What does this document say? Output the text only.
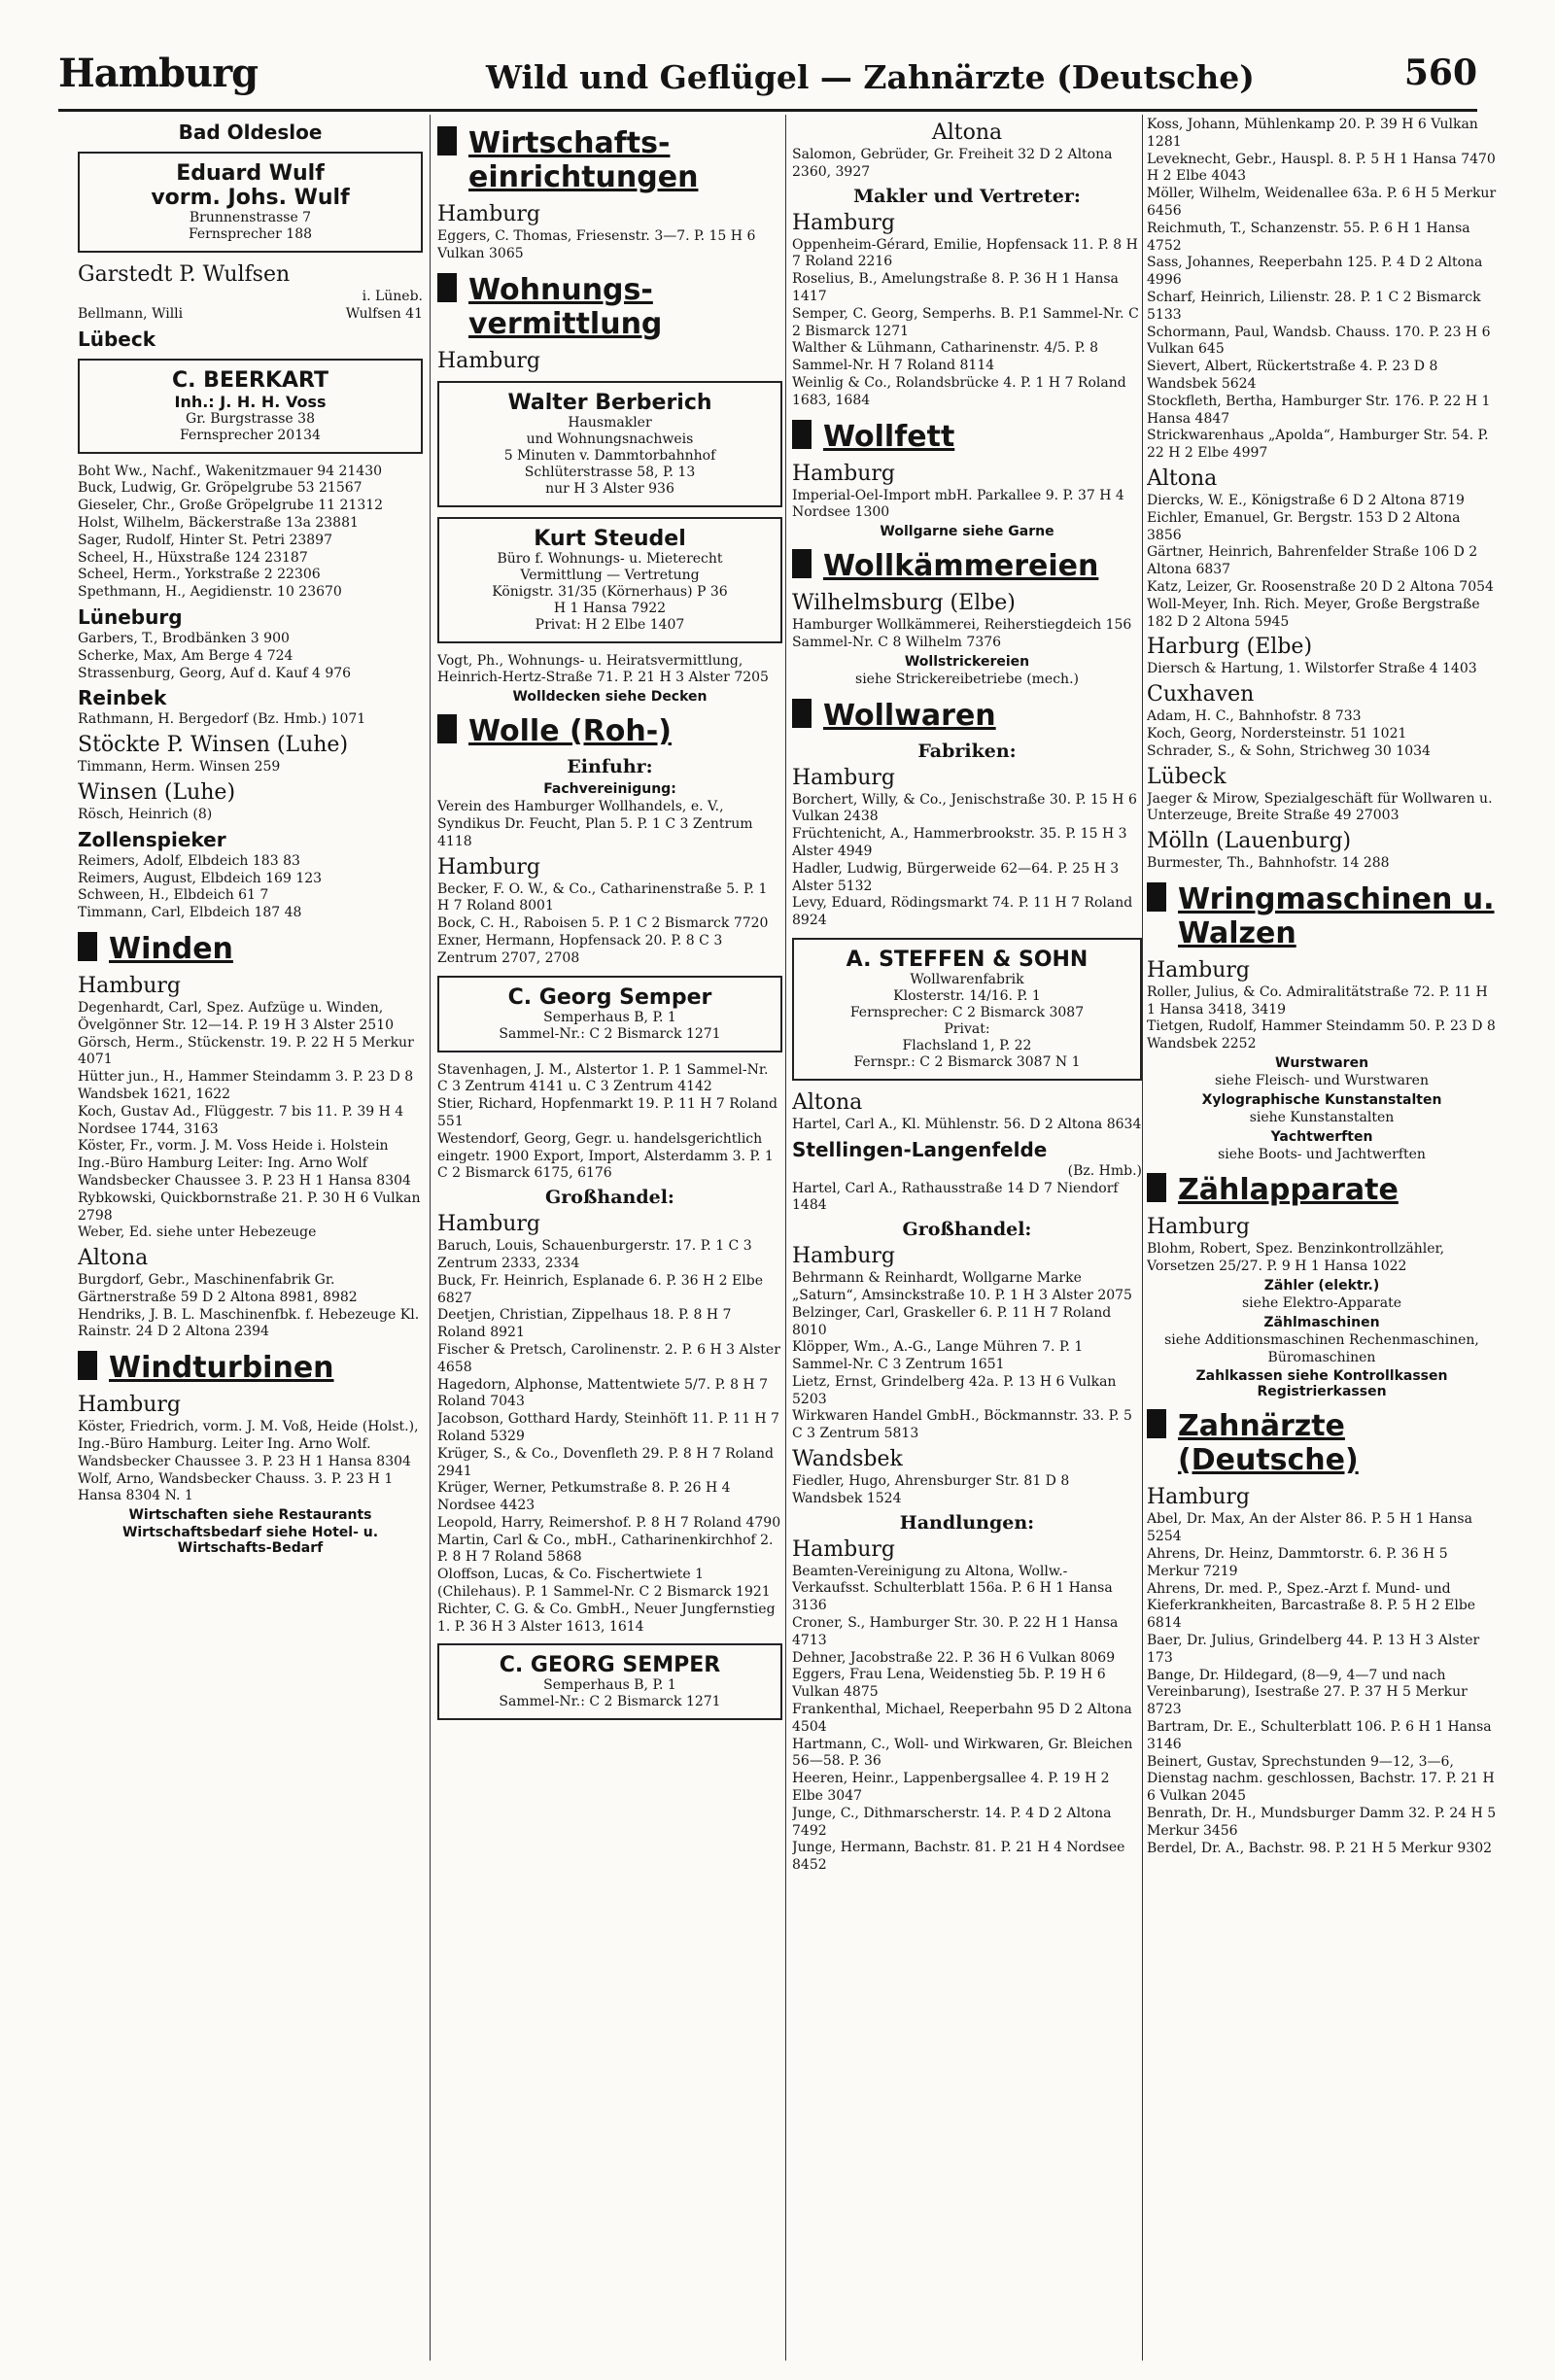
Hamburg	Wild und Geflügel — Zahnärzte (Deutsche)	560
Bad Oldesloe
Eduard Wulf
vorm. Johs. Wulf
Brunnenstrasse 7
Fernsprecher 188
Garstedt P. Wulfsen
i. Lüneb.
Bellmann, Willi	Wulfsen 41
Lübeck
C. BEERKART
Inh.: J. H. H. Voss
Gr. Burgstrasse 38
Fernsprecher 20134
Boht Ww., Nachf., Wakenitzmauer 94 21430
Buck, Ludwig, Gr. Gröpelgrube 53 21567
Gieseler, Chr., Große Gröpelgrube 11 21312
Holst, Wilhelm, Bäckerstraße 13a 23881
Sager, Rudolf, Hinter St. Petri 23897
Scheel, H., Hüxstraße 124 23187
Scheel, Herm., Yorkstraße 2 22306
Spethmann, H., Aegidienstr. 10 23670
Lüneburg
Garbers, T., Brodbänken 3 900
Scherke, Max, Am Berge 4 724
Strassenburg, Georg, Auf d. Kauf 4 976
Reinbek
Rathmann, H. Bergedorf (Bz. Hmb.) 1071
Stöckte P. Winsen (Luhe)
Timmann, Herm. Winsen 259
Winsen (Luhe)
Rösch, Heinrich (8)
Zollenspieker
Reimers, Adolf, Elbdeich 183 83
Reimers, August, Elbdeich 169 123
Schween, H., Elbdeich 61 7
Timmann, Carl, Elbdeich 187 48
Winden
Hamburg
Degenhardt, Carl, Spez. Aufzüge u. Winden, Övelgönner Str. 12—14. P. 19 H 3 Alster 2510
Görsch, Herm., Stückenstr. 19. P. 22 H 5 Merkur 4071
Hütter jun., H., Hammer Steindamm 3. P. 23 D 8 Wandsbek 1621, 1622
Koch, Gustav Ad., Flüggestr. 7 bis 11. P. 39 H 4 Nordsee 1744, 3163
Köster, Fr., vorm. J. M. Voss Heide i. Holstein Ing.-Büro Hamburg Leiter: Ing. Arno Wolf Wandsbecker Chaussee 3. P. 23 H 1 Hansa 8304
Rybkowski, Quickbornstraße 21. P. 30 H 6 Vulkan 2798
Weber, Ed. siehe unter Hebezeuge
Altona
Burgdorf, Gebr., Maschinenfabrik Gr. Gärtnerstraße 59 D 2 Altona 8981, 8982
Hendriks, J. B. L. Maschinenfbk. f. Hebezeuge Kl. Rainstr. 24 D 2 Altona 2394
Windturbinen
Hamburg
Köster, Friedrich, vorm. J. M. Voß, Heide (Holst.), Ing.-Büro Hamburg. Leiter Ing. Arno Wolf. Wandsbecker Chaussee 3. P. 23 H 1 Hansa 8304
Wolf, Arno, Wandsbecker Chauss. 3. P. 23 H 1 Hansa 8304 N. 1
Wirtschaften siehe Restaurants
Wirtschaftsbedarf siehe Hotel- u. Wirtschafts-Bedarf
Wirtschafts-einrichtungen
Hamburg
Eggers, C. Thomas, Friesenstr. 3—7. P. 15 H 6 Vulkan 3065
Wohnungs-vermittlung
Hamburg
Walter Berberich
Hausmakler
und Wohnungsnachweis
5 Minuten v. Dammtorbahnhof
Schlüterstrasse 58, P. 13
nur H 3 Alster 936
Kurt Steudel
Büro f. Wohnungs- u. Mieterecht
Vermittlung — Vertretung
Königstr. 31/35 (Körnerhaus) P 36
H 1 Hansa 7922
Privat: H 2 Elbe 1407
Vogt, Ph., Wohnungs- u. Heiratsvermittlung, Heinrich-Hertz-Straße 71. P. 21 H 3 Alster 7205
Wolldecken siehe Decken
Wolle (Roh-)
Einfuhr:
Fachvereinigung:
Verein des Hamburger Wollhandels, e. V., Syndikus Dr. Feucht, Plan 5. P. 1 C 3 Zentrum 4118
Hamburg
Becker, F. O. W., & Co., Catharinenstraße 5. P. 1 H 7 Roland 8001
Bock, C. H., Raboisen 5. P. 1 C 2 Bismarck 7720
Exner, Hermann, Hopfensack 20. P. 8 C 3 Zentrum 2707, 2708
C. Georg Semper
Semperhaus B, P. 1
Sammel-Nr.: C 2 Bismarck 1271
Stavenhagen, J. M., Alstertor 1. P. 1 Sammel-Nr. C 3 Zentrum 4141 u. C 3 Zentrum 4142
Stier, Richard, Hopfenmarkt 19. P. 11 H 7 Roland 551
Westendorf, Georg, Gegr. u. handelsgerichtlich eingetr. 1900 Export, Import, Alsterdamm 3. P. 1 C 2 Bismarck 6175, 6176
Großhandel:
Hamburg
Baruch, Louis, Schauenburgerstr. 17. P. 1 C 3 Zentrum 2333, 2334
Buck, Fr. Heinrich, Esplanade 6. P. 36 H 2 Elbe 6827
Deetjen, Christian, Zippelhaus 18. P. 8 H 7 Roland 8921
Fischer & Pretsch, Carolinenstr. 2. P. 6 H 3 Alster 4658
Hagedorn, Alphonse, Mattentwiete 5/7. P. 8 H 7 Roland 7043
Jacobson, Gotthard Hardy, Steinhöft 11. P. 11 H 7 Roland 5329
Krüger, S., & Co., Dovenfleth 29. P. 8 H 7 Roland 2941
Krüger, Werner, Petkumstraße 8. P. 26 H 4 Nordsee 4423
Leopold, Harry, Reimershof. P. 8 H 7 Roland 4790
Martin, Carl & Co., mbH., Catharinenkirchhof 2. P. 8 H 7 Roland 5868
Oloffson, Lucas, & Co. Fischertwiete 1 (Chilehaus). P. 1 Sammel-Nr. C 2 Bismarck 1921
Richter, C. G. & Co. GmbH., Neuer Jungfernstieg 1. P. 36 H 3 Alster 1613, 1614
C. GEORG SEMPER
Semperhaus B, P. 1
Sammel-Nr.: C 2 Bismarck 1271
Altona
Salomon, Gebrüder, Gr. Freiheit 32 D 2 Altona 2360, 3927
Makler und Vertreter:
Hamburg
Oppenheim-Gérard, Emilie, Hopfensack 11. P. 8 H 7 Roland 2216
Roselius, B., Amelungstraße 8. P. 36 H 1 Hansa 1417
Semper, C. Georg, Semperhs. B. P.1 Sammel-Nr. C 2 Bismarck 1271
Walther & Lühmann, Catharinenstr. 4/5. P. 8 Sammel-Nr. H 7 Roland 8114
Weinlig & Co., Rolandsbrücke 4. P. 1 H 7 Roland 1683, 1684
Wollfett
Hamburg
Imperial-Oel-Import mbH. Parkallee 9. P. 37 H 4 Nordsee 1300
Wollgarne siehe Garne
Wollkämmereien
Wilhelmsburg (Elbe)
Hamburger Wollkämmerei, Reiherstiegdeich 156 Sammel-Nr. C 8 Wilhelm 7376
Wollstrickereien
siehe Strickereibetriebe (mech.)
Wollwaren
Fabriken:
Hamburg
Borchert, Willy, & Co., Jenischstraße 30. P. 15 H 6 Vulkan 2438
Früchtenicht, A., Hammerbrookstr. 35. P. 15 H 3 Alster 4949
Hadler, Ludwig, Bürgerweide 62—64. P. 25 H 3 Alster 5132
Levy, Eduard, Rödingsmarkt 74. P. 11 H 7 Roland 8924
A. STEFFEN & SOHN
Wollwarenfabrik
Klosterstr. 14/16. P. 1
Fernsprecher: C 2 Bismarck 3087
Privat:
Flachsland 1, P. 22
Fernspr.: C 2 Bismarck 3087 N 1
Altona
Hartel, Carl A., Kl. Mühlenstr. 56. D 2 Altona 8634
Stellingen-Langenfelde
(Bz. Hmb.)
Hartel, Carl A., Rathausstraße 14 D 7 Niendorf 1484
Großhandel:
Hamburg
Behrmann & Reinhardt, Wollgarne Marke „Saturn“, Amsinckstraße 10. P. 1 H 3 Alster 2075
Belzinger, Carl, Graskeller 6. P. 11 H 7 Roland 8010
Klöpper, Wm., A.-G., Lange Mühren 7. P. 1 Sammel-Nr. C 3 Zentrum 1651
Lietz, Ernst, Grindelberg 42a. P. 13 H 6 Vulkan 5203
Wirkwaren Handel GmbH., Böckmannstr. 33. P. 5 C 3 Zentrum 5813
Wandsbek
Fiedler, Hugo, Ahrensburger Str. 81 D 8 Wandsbek 1524
Handlungen:
Hamburg
Beamten-Vereinigung zu Altona, Wollw.-Verkaufsst. Schulterblatt 156a. P. 6 H 1 Hansa 3136
Croner, S., Hamburger Str. 30. P. 22 H 1 Hansa 4713
Dehner, Jacobstraße 22. P. 36 H 6 Vulkan 8069
Eggers, Frau Lena, Weidenstieg 5b. P. 19 H 6 Vulkan 4875
Frankenthal, Michael, Reeperbahn 95 D 2 Altona 4504
Hartmann, C., Woll- und Wirkwaren, Gr. Bleichen 56—58. P. 36
Heeren, Heinr., Lappenbergsallee 4. P. 19 H 2 Elbe 3047
Junge, C., Dithmarscherstr. 14. P. 4 D 2 Altona 7492
Junge, Hermann, Bachstr. 81. P. 21 H 4 Nordsee 8452
Koss, Johann, Mühlenkamp 20. P. 39 H 6 Vulkan 1281
Leveknecht, Gebr., Hauspl. 8. P. 5 H 1 Hansa 7470 H 2 Elbe 4043
Möller, Wilhelm, Weidenallee 63a. P. 6 H 5 Merkur 6456
Reichmuth, T., Schanzenstr. 55. P. 6 H 1 Hansa 4752
Sass, Johannes, Reeperbahn 125. P. 4 D 2 Altona 4996
Scharf, Heinrich, Lilienstr. 28. P. 1 C 2 Bismarck 5133
Schormann, Paul, Wandsb. Chauss. 170. P. 23 H 6 Vulkan 645
Sievert, Albert, Rückertstraße 4. P. 23 D 8 Wandsbek 5624
Stockfleth, Bertha, Hamburger Str. 176. P. 22 H 1 Hansa 4847
Strickwarenhaus „Apolda“, Hamburger Str. 54. P. 22 H 2 Elbe 4997
Altona
Diercks, W. E., Königstraße 6 D 2 Altona 8719
Eichler, Emanuel, Gr. Bergstr. 153 D 2 Altona 3856
Gärtner, Heinrich, Bahrenfelder Straße 106 D 2 Altona 6837
Katz, Leizer, Gr. Roosenstraße 20 D 2 Altona 7054
Woll-Meyer, Inh. Rich. Meyer, Große Bergstraße 182 D 2 Altona 5945
Harburg (Elbe)
Diersch & Hartung, 1. Wilstorfer Straße 4 1403
Cuxhaven
Adam, H. C., Bahnhofstr. 8 733
Koch, Georg, Nordersteinstr. 51 1021
Schrader, S., & Sohn, Strichweg 30 1034
Lübeck
Jaeger & Mirow, Spezialgeschäft für Wollwaren u. Unterzeuge, Breite Straße 49 27003
Mölln (Lauenburg)
Burmester, Th., Bahnhofstr. 14 288
Wringmaschinen u. Walzen
Hamburg
Roller, Julius, & Co. Admiralitätstraße 72. P. 11 H 1 Hansa 3418, 3419
Tietgen, Rudolf, Hammer Steindamm 50. P. 23 D 8 Wandsbek 2252
Wurstwaren
siehe Fleisch- und Wurstwaren
Xylographische Kunstanstalten
siehe Kunstanstalten
Yachtwerften
siehe Boots- und Jachtwerften
Zählapparate
Hamburg
Blohm, Robert, Spez. Benzinkontrollzähler, Vorsetzen 25/27. P. 9 H 1 Hansa 1022
Zähler (elektr.)
siehe Elektro-Apparate
Zählmaschinen
siehe Additionsmaschinen Rechenmaschinen, Büromaschinen
Zahlkassen siehe Kontrollkassen Registrierkassen
Zahnärzte (Deutsche)
Hamburg
Abel, Dr. Max, An der Alster 86. P. 5 H 1 Hansa 5254
Ahrens, Dr. Heinz, Dammtorstr. 6. P. 36 H 5 Merkur 7219
Ahrens, Dr. med. P., Spez.-Arzt f. Mund- und Kieferkrankheiten, Barcastraße 8. P. 5 H 2 Elbe 6814
Baer, Dr. Julius, Grindelberg 44. P. 13 H 3 Alster 173
Bange, Dr. Hildegard, (8—9, 4—7 und nach Vereinbarung), Isestraße 27. P. 37 H 5 Merkur 8723
Bartram, Dr. E., Schulterblatt 106. P. 6 H 1 Hansa 3146
Beinert, Gustav, Sprechstunden 9—12, 3—6, Dienstag nachm. geschlossen, Bachstr. 17. P. 21 H 6 Vulkan 2045
Benrath, Dr. H., Mundsburger Damm 32. P. 24 H 5 Merkur 3456
Berdel, Dr. A., Bachstr. 98. P. 21 H 5 Merkur 9302
